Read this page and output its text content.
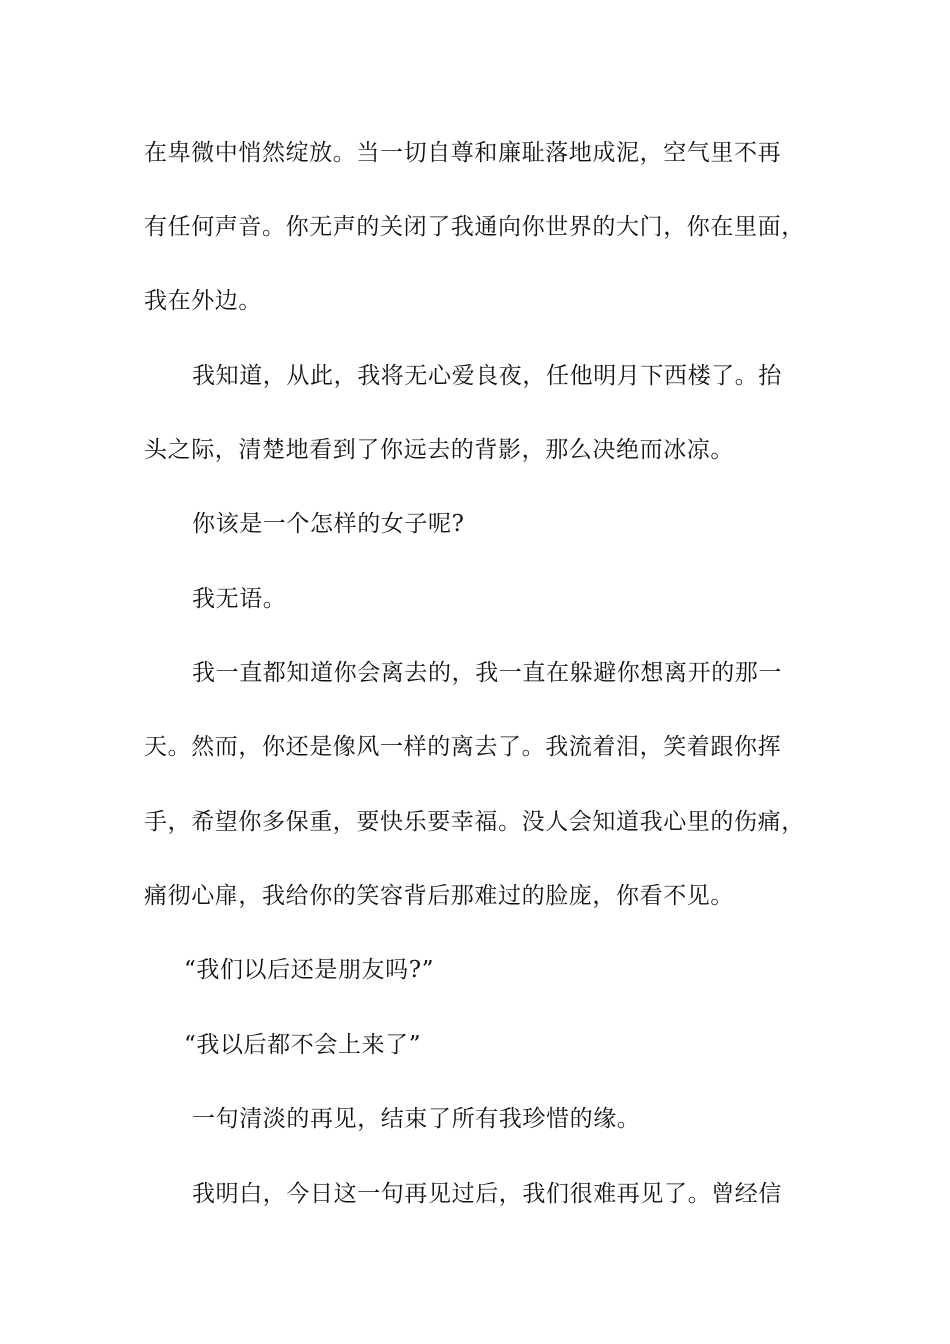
在卑微中悄然绽放。当一切自尊和廉耻落地成泥，空气里不再

有任何声音。你无声的关闭了我通向你世界的大门，你在里面，

我在外边。

我知道，从此，我将无心爱良夜，任他明月下西楼了。抬

头之际，清楚地看到了你远去的背影，那么决绝而冰凉。

你该是一个怎样的女子呢?

我无语。

我一直都知道你会离去的，我一直在躲避你想离开的那一

天。然而，你还是像风一样的离去了。我流着泪，笑着跟你挥

手，希望你多保重，要快乐要幸福。没人会知道我心里的伤痛，

痛彻心扉，我给你的笑容背后那难过的脸庞，你看不见。

“我们以后还是朋友吗?”

“我以后都不会上来了”

一句清淡的再见，结束了所有我珍惜的缘。

我明白，今日这一句再见过后，我们很难再见了。曾经信
